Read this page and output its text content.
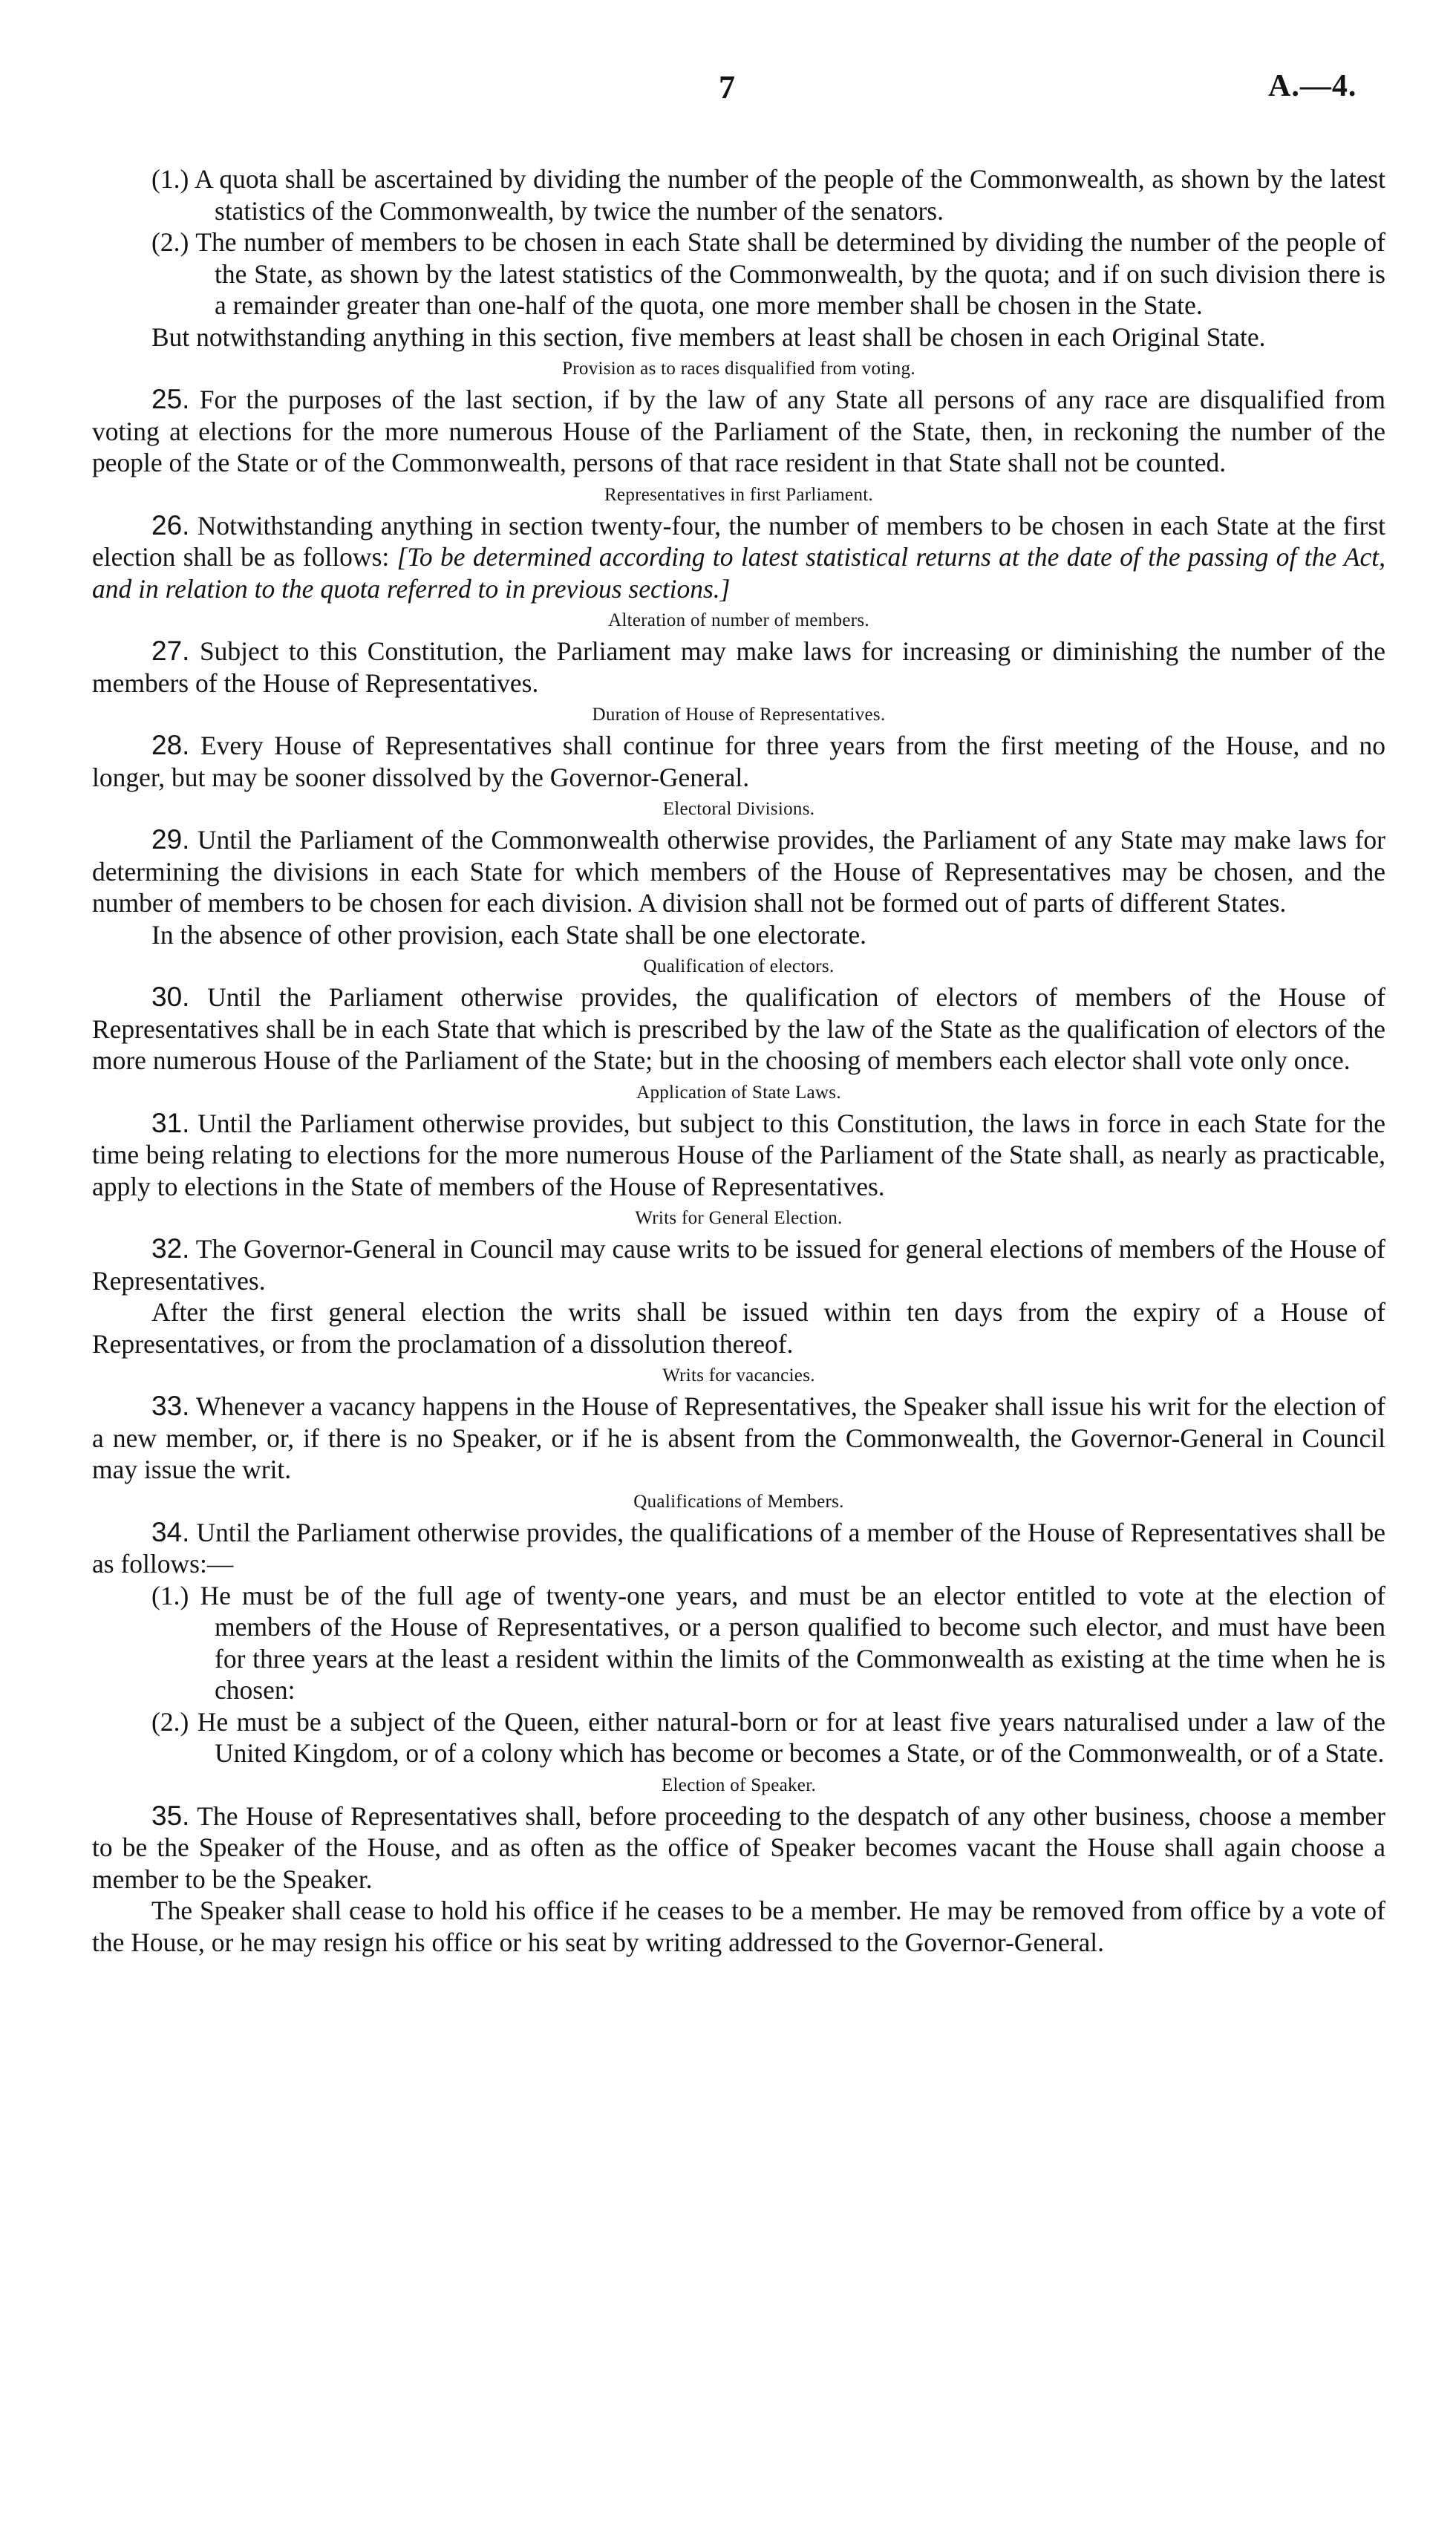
7	A.—4.

(1.) A quota shall be ascertained by dividing the number of the people of the Commonwealth, as shown by the latest statistics of the Commonwealth, by twice the number of the senators.

(2.) The number of members to be chosen in each State shall be determined by dividing the number of the people of the State, as shown by the latest statistics of the Commonwealth, by the quota; and if on such division there is a remainder greater than one-half of the quota, one more member shall be chosen in the State.

But notwithstanding anything in this section, five members at least shall be chosen in each Original State.

Provision as to races disqualified from voting.

25. For the purposes of the last section, if by the law of any State all persons of any race are disqualified from voting at elections for the more numerous House of the Parliament of the State, then, in reckoning the number of the people of the State or of the Commonwealth, persons of that race resident in that State shall not be counted.

Representatives in first Parliament.

26. Notwithstanding anything in section twenty-four, the number of members to be chosen in each State at the first election shall be as follows: [To be determined according to latest statistical returns at the date of the passing of the Act, and in relation to the quota referred to in previous sections.]

Alteration of number of members.

27. Subject to this Constitution, the Parliament may make laws for increasing or diminishing the number of the members of the House of Representatives.

Duration of House of Representatives.

28. Every House of Representatives shall continue for three years from the first meeting of the House, and no longer, but may be sooner dissolved by the Governor-General.

Electoral Divisions.

29. Until the Parliament of the Commonwealth otherwise provides, the Parliament of any State may make laws for determining the divisions in each State for which members of the House of Representatives may be chosen, and the number of members to be chosen for each division. A division shall not be formed out of parts of different States.

In the absence of other provision, each State shall be one electorate.

Qualification of electors.

30. Until the Parliament otherwise provides, the qualification of electors of members of the House of Representatives shall be in each State that which is prescribed by the law of the State as the qualification of electors of the more numerous House of the Parliament of the State; but in the choosing of members each elector shall vote only once.

Application of State Laws.

31. Until the Parliament otherwise provides, but subject to this Constitution, the laws in force in each State for the time being relating to elections for the more numerous House of the Parliament of the State shall, as nearly as practicable, apply to elections in the State of members of the House of Representatives.

Writs for General Election.

32. The Governor-General in Council may cause writs to be issued for general elections of members of the House of Representatives.

After the first general election the writs shall be issued within ten days from the expiry of a House of Representatives, or from the proclamation of a dissolution thereof.

Writs for vacancies.

33. Whenever a vacancy happens in the House of Representatives, the Speaker shall issue his writ for the election of a new member, or, if there is no Speaker, or if he is absent from the Commonwealth, the Governor-General in Council may issue the writ.

Qualifications of Members.

34. Until the Parliament otherwise provides, the qualifications of a member of the House of Representatives shall be as follows:—

(1.) He must be of the full age of twenty-one years, and must be an elector entitled to vote at the election of members of the House of Representatives, or a person qualified to become such elector, and must have been for three years at the least a resident within the limits of the Commonwealth as existing at the time when he is chosen:

(2.) He must be a subject of the Queen, either natural-born or for at least five years naturalised under a law of the United Kingdom, or of a colony which has become or becomes a State, or of the Commonwealth, or of a State.

Election of Speaker.

35. The House of Representatives shall, before proceeding to the despatch of any other business, choose a member to be the Speaker of the House, and as often as the office of Speaker becomes vacant the House shall again choose a member to be the Speaker.

The Speaker shall cease to hold his office if he ceases to be a member. He may be removed from office by a vote of the House, or he may resign his office or his seat by writing addressed to the Governor-General.
